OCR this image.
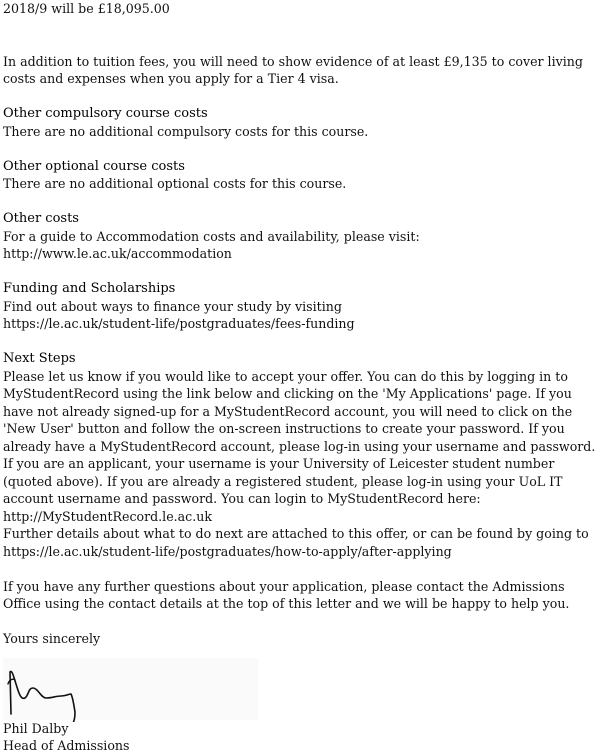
2018/9 will be £18,095.00
In addition to tuition fees, you will need to show evidence of at least £9,135 to cover living costs and expenses when you apply for a Tier 4 visa.
Other compulsory course costs
There are no additional compulsory costs for this course.
Other optional course costs
There are no additional optional costs for this course.
Other costs
For a guide to Accommodation costs and availability, please visit:
http://www.le.ac.uk/accommodation
Funding and Scholarships
Find out about ways to finance your study by visiting
https://le.ac.uk/student-life/postgraduates/fees-funding
Next Steps
Please let us know if you would like to accept your offer. You can do this by logging in to MyStudentRecord using the link below and clicking on the 'My Applications' page. If you have not already signed-up for a MyStudentRecord account, you will need to click on the 'New User' button and follow the on-screen instructions to create your password. If you already have a MyStudentRecord account, please log-in using your username and password. If you are an applicant, your username is your University of Leicester student number (quoted above). If you are already a registered student, please log-in using your UoL IT account username and password. You can login to MyStudentRecord here: http://MyStudentRecord.le.ac.uk
Further details about what to do next are attached to this offer, or can be found by going to https://le.ac.uk/student-life/postgraduates/how-to-apply/after-applying
If you have any further questions about your application, please contact the Admissions Office using the contact details at the top of this letter and we will be happy to help you.
Yours sincerely
Phil Dalby
Head of Admissions
